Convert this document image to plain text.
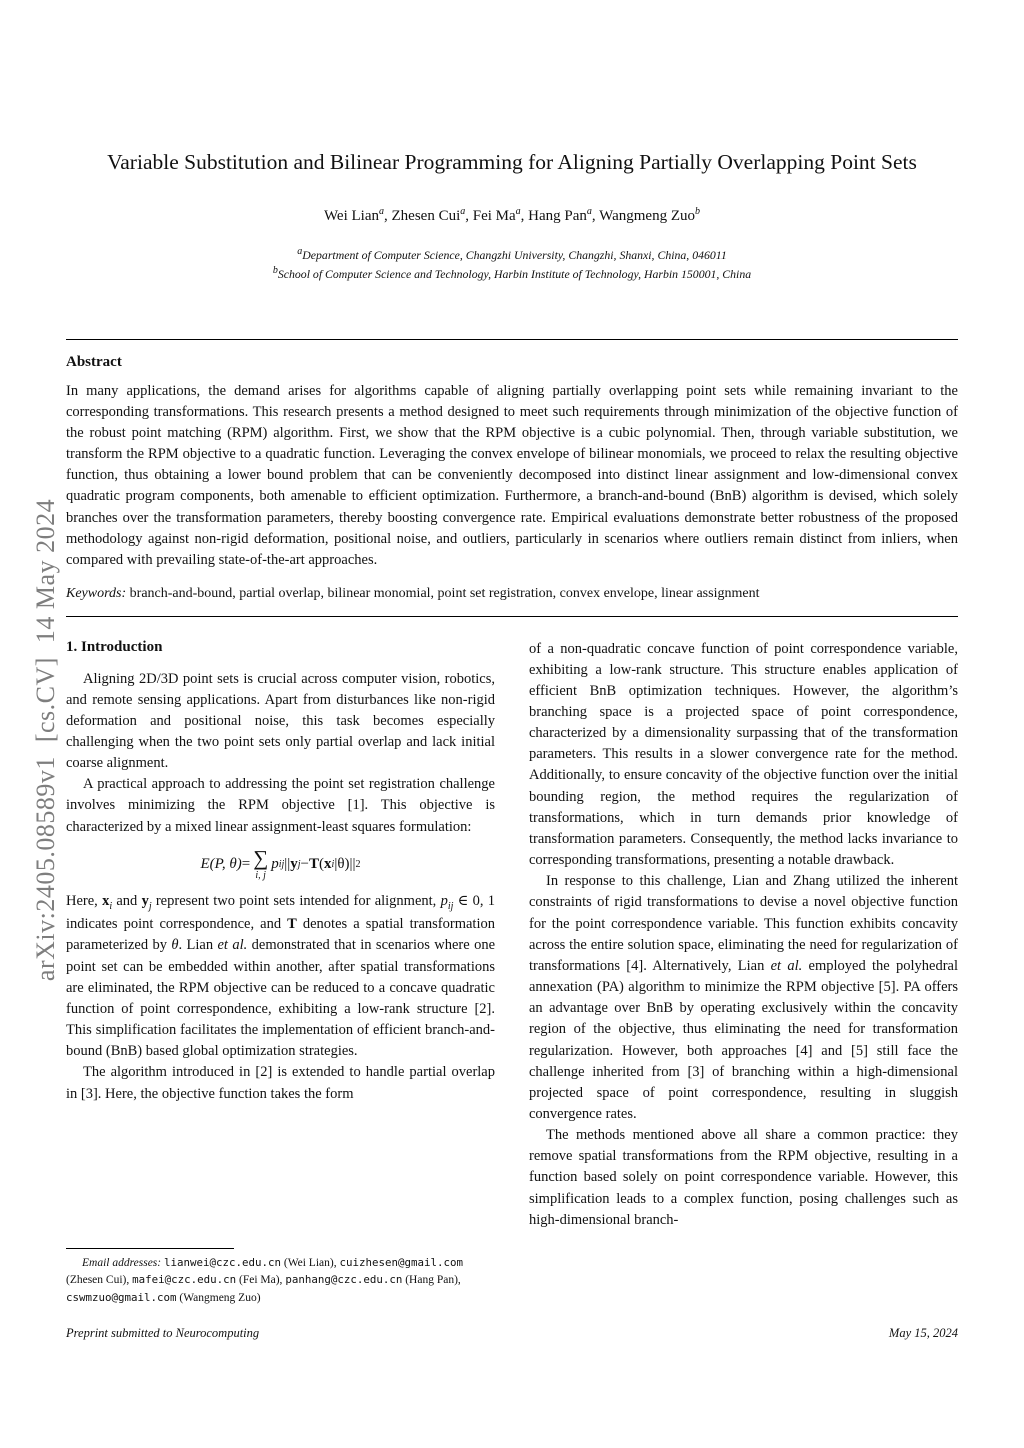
arXiv:2405.08589v1  [cs.CV]  14 May 2024
Variable Substitution and Bilinear Programming for Aligning Partially Overlapping Point Sets
Wei Lian$^a$, Zhesen Cui$^a$, Fei Ma$^a$, Hang Pan$^a$, Wangmeng Zuo$^b$
$^a$Department of Computer Science, Changzhi University, Changzhi, Shanxi, China, 046011
$^b$School of Computer Science and Technology, Harbin Institute of Technology, Harbin 150001, China
Abstract
In many applications, the demand arises for algorithms capable of aligning partially overlapping point sets while remaining invariant to the corresponding transformations. This research presents a method designed to meet such requirements through minimization of the objective function of the robust point matching (RPM) algorithm. First, we show that the RPM objective is a cubic polynomial. Then, through variable substitution, we transform the RPM objective to a quadratic function. Leveraging the convex envelope of bilinear monomials, we proceed to relax the resulting objective function, thus obtaining a lower bound problem that can be conveniently decomposed into distinct linear assignment and low-dimensional convex quadratic program components, both amenable to efficient optimization. Furthermore, a branch-and-bound (BnB) algorithm is devised, which solely branches over the transformation parameters, thereby boosting convergence rate. Empirical evaluations demonstrate better robustness of the proposed methodology against non-rigid deformation, positional noise, and outliers, particularly in scenarios where outliers remain distinct from inliers, when compared with prevailing state-of-the-art approaches.
Keywords: branch-and-bound, partial overlap, bilinear monomial, point set registration, convex envelope, linear assignment
1. Introduction

Aligning 2D/3D point sets is crucial across computer vision, robotics, and remote sensing applications. Apart from disturbances like non-rigid deformation and positional noise, this task becomes especially challenging when the two point sets only partial overlap and lack initial coarse alignment.

A practical approach to addressing the point set registration challenge involves minimizing the RPM objective [1]. This objective is characterized by a mixed linear assignment-least squares formulation:

E(P, θ) = ∑
i, j
p ij || y j − T ( x i |θ) || 2

Here, $x_i$ and $y_j$ represent two point sets intended for alignment, $p_{ij}$ ∈ 0, 1 indicates point correspondence, and T denotes a spatial transformation parameterized by θ. Lian et al. demonstrated that in scenarios where one point set can be embedded within another, after spatial transformations are eliminated, the RPM objective can be reduced to a concave quadratic function of point correspondence, exhibiting a low-rank structure [2]. This simplification facilitates the implementation of efficient branch-and-bound (BnB) based global optimization strategies.

The algorithm introduced in [2] is extended to handle partial overlap in [3]. Here, the objective function takes the form

of a non-quadratic concave function of point correspondence variable, exhibiting a low-rank structure. This structure enables application of efficient BnB optimization techniques. However, the algorithm’s branching space is a projected space of point correspondence, characterized by a dimensionality surpassing that of the transformation parameters. This results in a slower convergence rate for the method. Additionally, to ensure concavity of the objective function over the initial bounding region, the method requires the regularization of transformations, which in turn demands prior knowledge of transformation parameters. Consequently, the method lacks invariance to corresponding transformations, presenting a notable drawback.

In response to this challenge, Lian and Zhang utilized the inherent constraints of rigid transformations to devise a novel objective function for the point correspondence variable. This function exhibits concavity across the entire solution space, eliminating the need for regularization of transformations [4]. Alternatively, Lian et al. employed the polyhedral annexation (PA) algorithm to minimize the RPM objective [5]. PA offers an advantage over BnB by operating exclusively within the concavity region of the objective, thus eliminating the need for transformation regularization. However, both approaches [4] and [5] still face the challenge inherited from [3] of branching within a high-dimensional projected space of point correspondence, resulting in sluggish convergence rates.

The methods mentioned above all share a common practice: they remove spatial transformations from the RPM objective, resulting in a function based solely on point correspondence variable. However, this simplification leads to a complex function, posing challenges such as high-dimensional branch-

Email addresses: lianwei@czc.edu.cn (Wei Lian), cuizhesen@gmail.com (Zhesen Cui), mafei@czc.edu.cn (Fei Ma), panhang@czc.edu.cn (Hang Pan), cswmzuo@gmail.com (Wangmeng Zuo)
Preprint submitted to Neurocomputing	May 15, 2024
